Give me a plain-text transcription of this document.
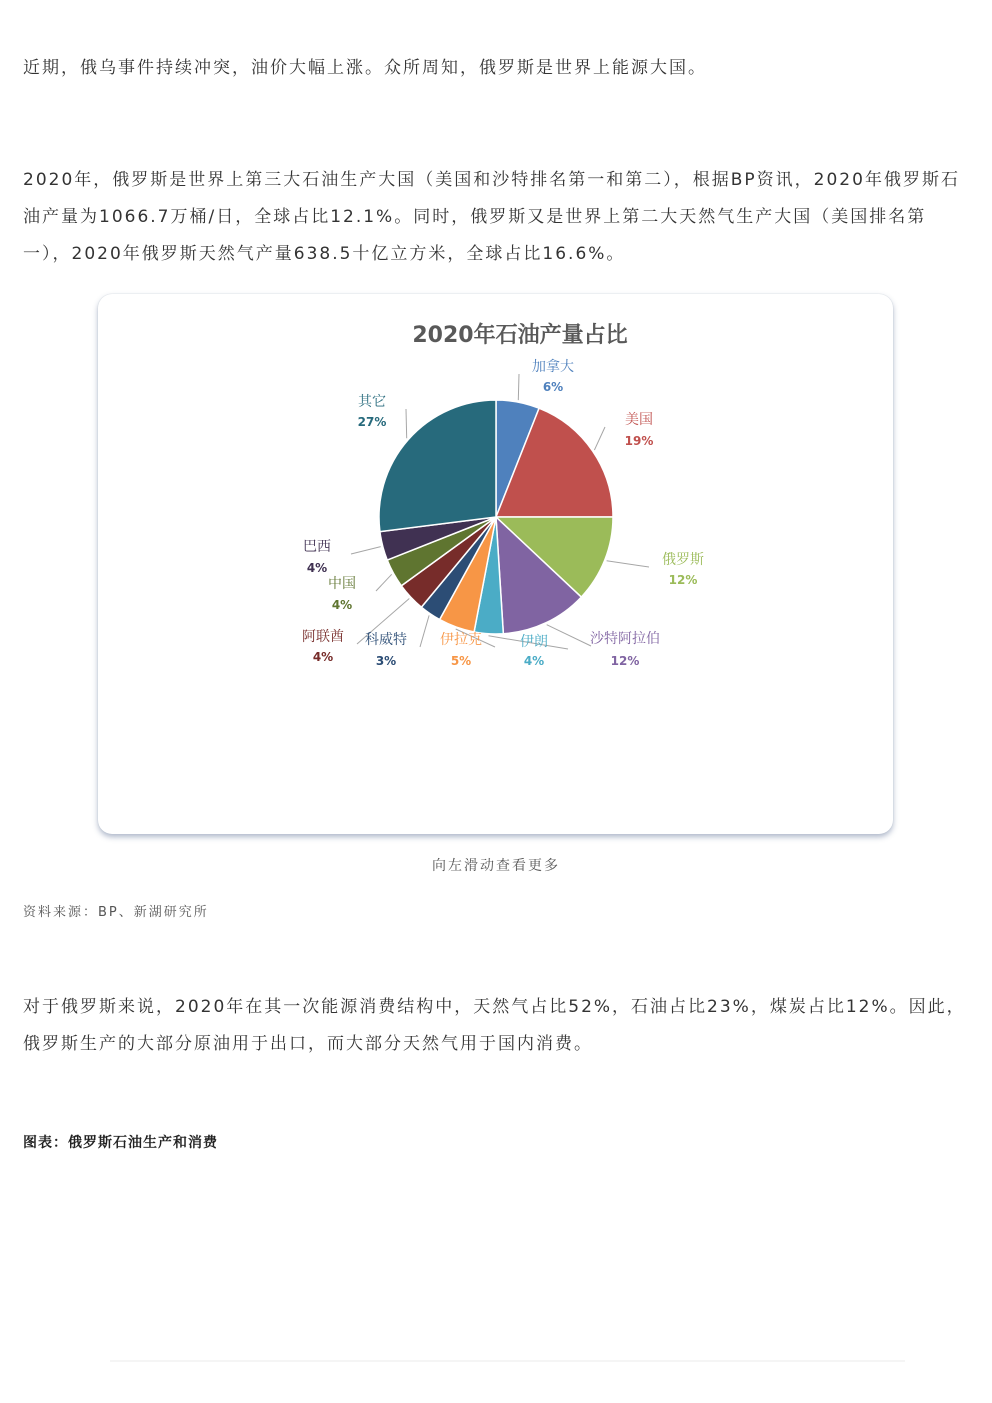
近期，俄乌事件持续冲突，油价大幅上涨。众所周知，俄罗斯是世界上能源大国。

2020年，俄罗斯是世界上第三大石油生产大国（美国和沙特排名第一和第二），根据BP资讯，2020年俄罗斯石油产量为1066.7万桶/日，全球占比12.1%。同时，俄罗斯又是世界上第二大天然气生产大国（美国排名第一），2020年俄罗斯天然气产量638.5十亿立方米，全球占比16.6%。

2020年石油产量占比
加拿大
6%
美国
19%
俄罗斯
12%
沙特阿拉伯
12%
伊朗
4%
伊拉克
5%
科威特
3%
阿联酋
4%
中国
4%
巴西
4%
其它
27%
向左滑动查看更多
资料来源：BP、新湖研究所

对于俄罗斯来说，2020年在其一次能源消费结构中，天然气占比52%，石油占比23%，煤炭占比12%。因此，俄罗斯生产的大部分原油用于出口，而大部分天然气用于国内消费。

图表：俄罗斯石油生产和消费
